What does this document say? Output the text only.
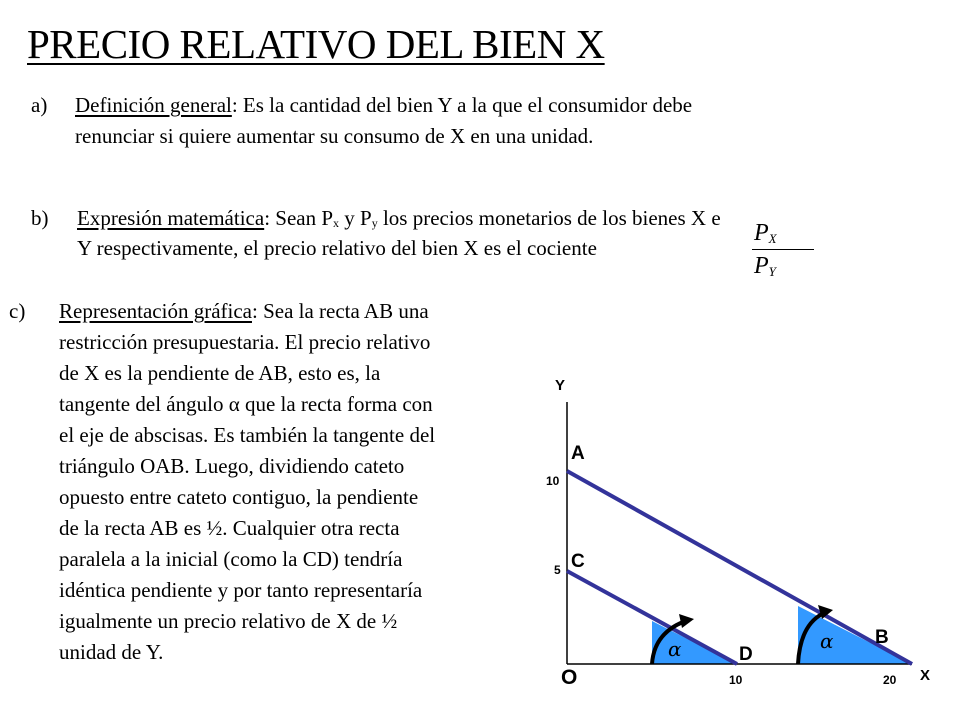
PRECIO RELATIVO DEL BIEN X
a) Definición general: Es la cantidad del bien Y a la que el consumidor debe
renunciar si quiere aumentar su consumo de X en una unidad.
b) Expresión matemática: Sean Px y Py los precios monetarios de los bienes X e
Y respectivamente, el precio relativo del bien X es el cociente
PX
PY
c) Representación gráfica: Sea la recta AB una
restricción presupuestaria. El precio relativo
de X es la pendiente de AB, esto es, la
tangente del ángulo α que la recta forma con
el eje de abscisas. Es también la tangente del
triángulo OAB. Luego, dividiendo cateto
opuesto entre cateto contiguo, la pendiente
de la recta AB es ½. Cualquier otra recta
paralela a la inicial (como la CD) tendría
idéntica pendiente y por tanto representaría
igualmente un precio relativo de X de ½
unidad de Y.	α	α
Y
X
O
10
5
10	20
A
B
C
D
